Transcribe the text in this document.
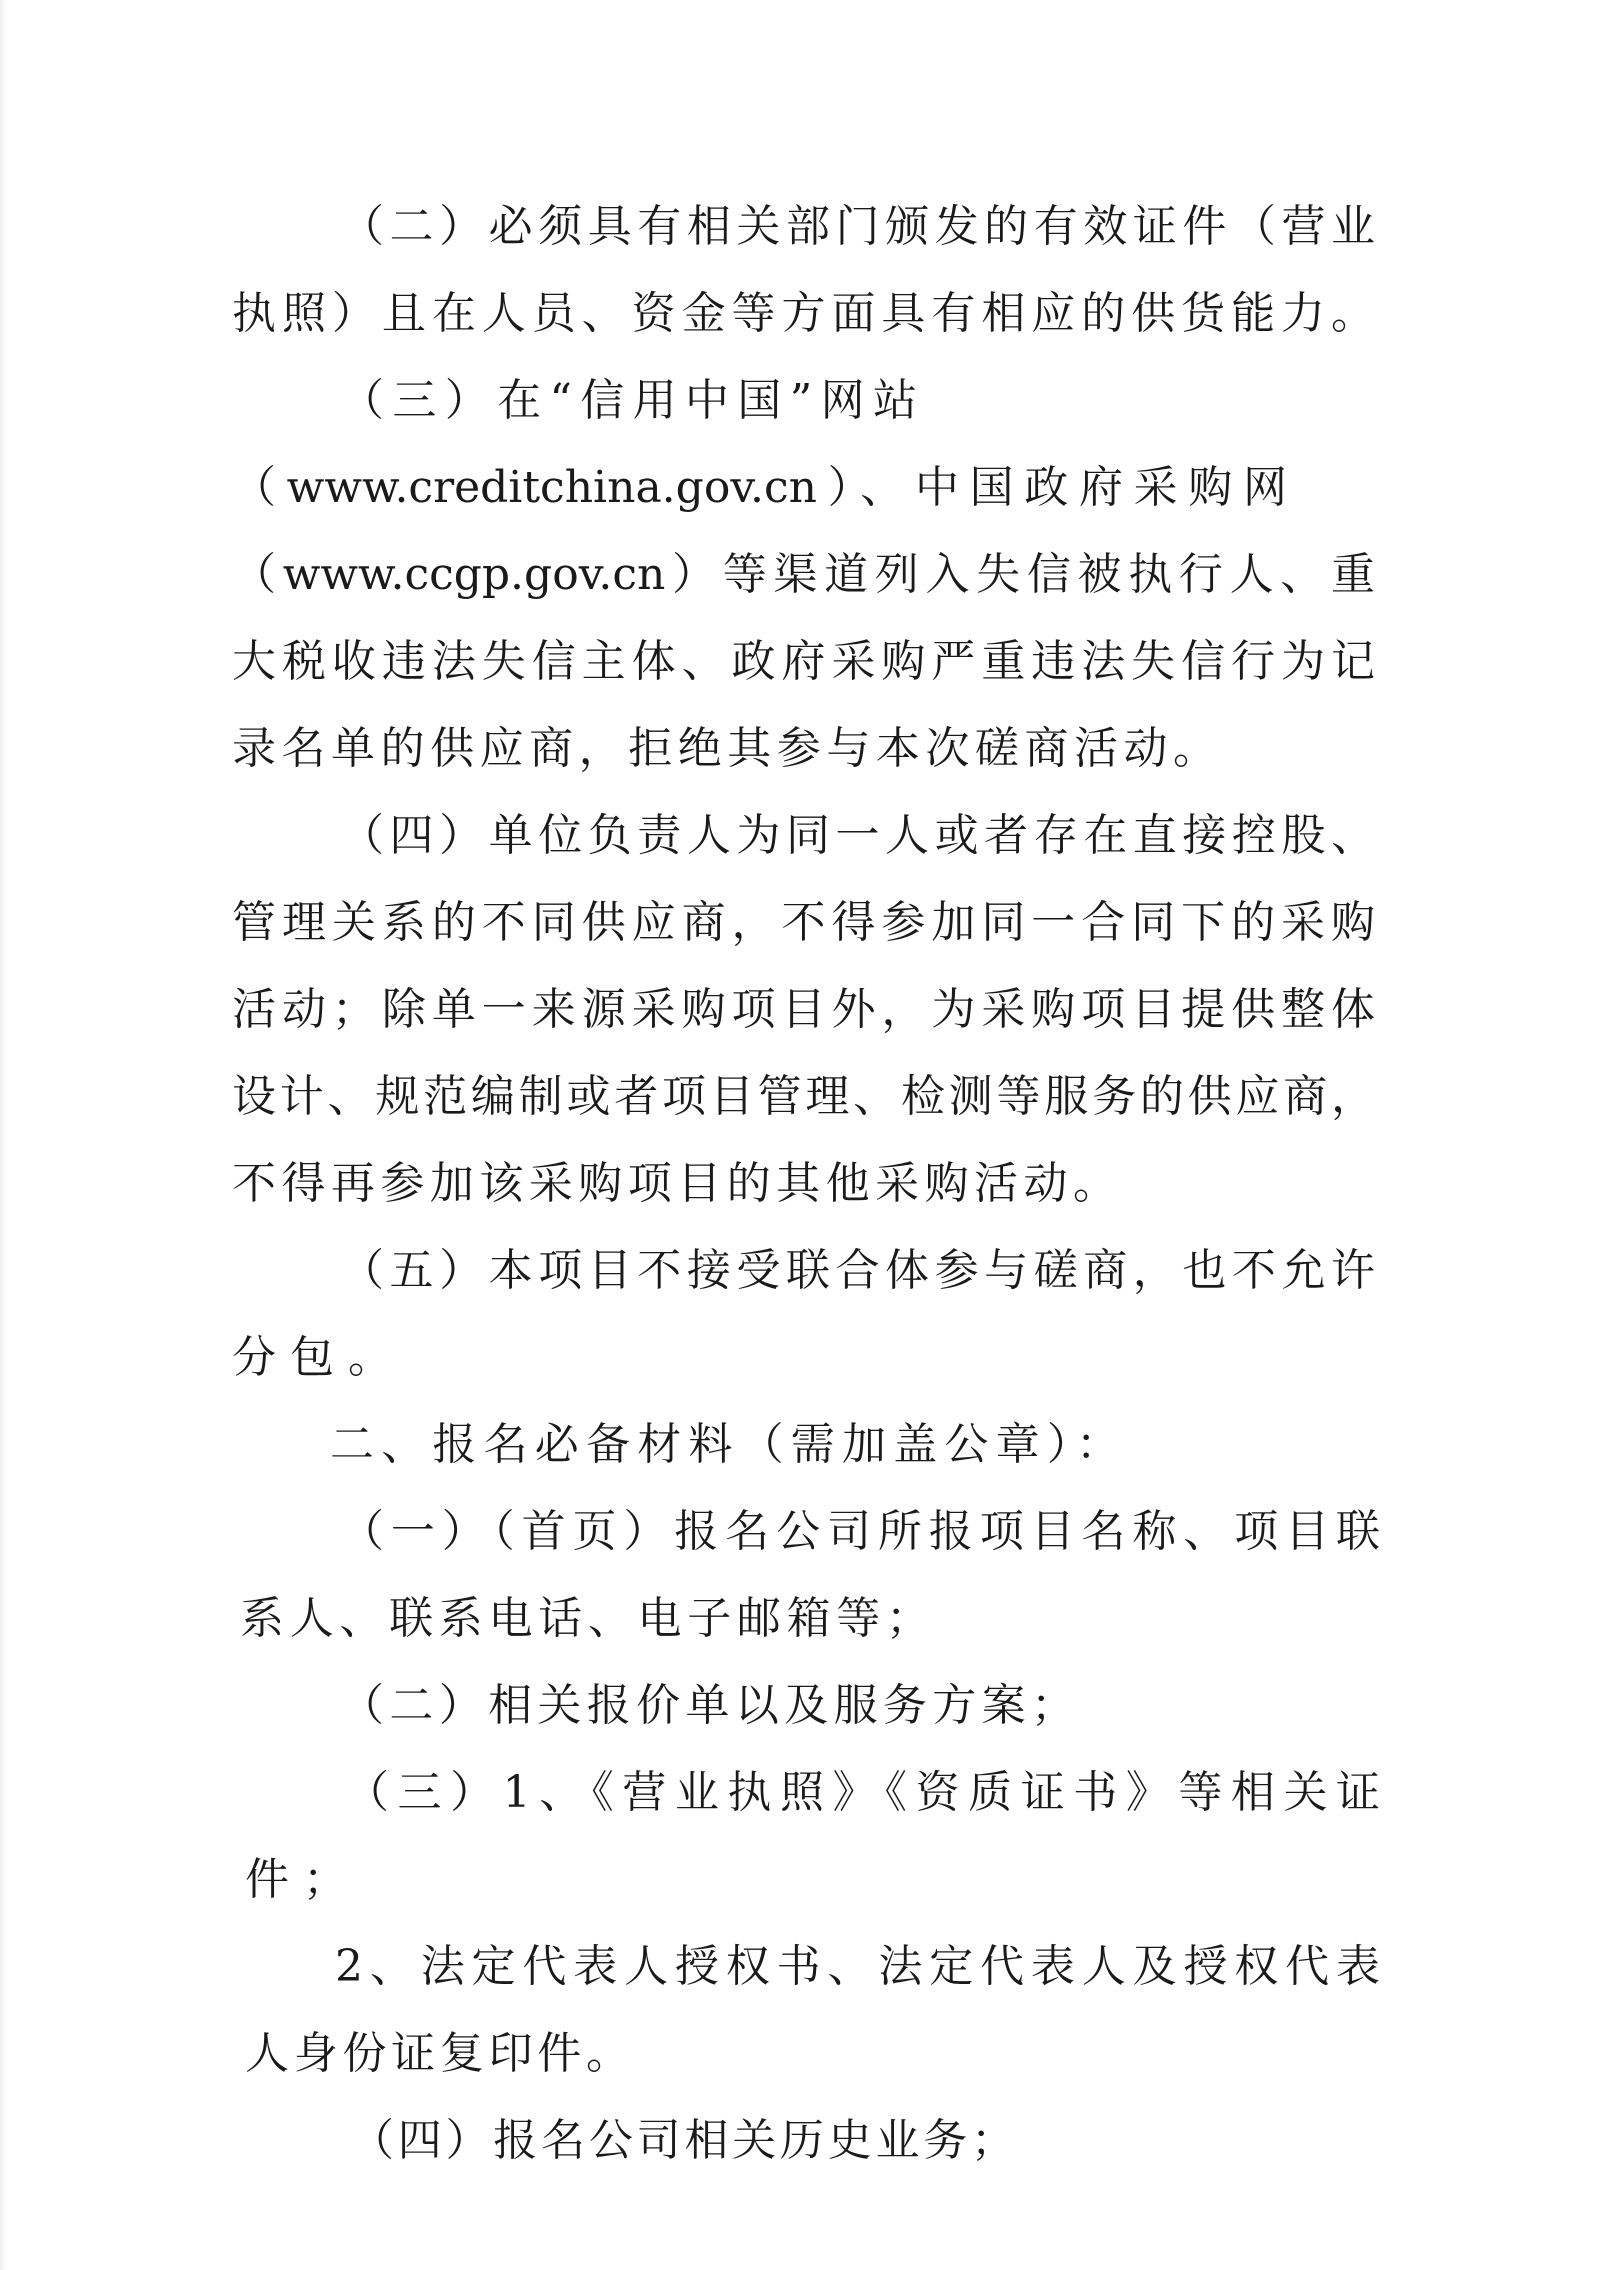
（二）必须具有相关部门颁发的有效证件（营业
执照）且在人员、资金等方面具有相应的供货能力。
（三）在“信用中国”网站
（www.creditchina.gov.cn）、中国政府采购网
（www.ccgp.gov.cn）等渠道列入失信被执行人、重
大税收违法失信主体、政府采购严重违法失信行为记
录名单的供应商，拒绝其参与本次磋商活动。
（四）单位负责人为同一人或者存在直接控股、
管理关系的不同供应商，不得参加同一合同下的采购
活动；除单一来源采购项目外，为采购项目提供整体
设计、规范编制或者项目管理、检测等服务的供应商，
不得再参加该采购项目的其他采购活动。
（五）本项目不接受联合体参与磋商，也不允许
分包。
二、报名必备材料（需加盖公章）：
（一）（首页）报名公司所报项目名称、项目联
系人、联系电话、电子邮箱等；
（二）相关报价单以及服务方案；
（三）1、《营业执照》《资质证书》等相关证
件；
2、法定代表人授权书、法定代表人及授权代表
人身份证复印件。
（四）报名公司相关历史业务；
